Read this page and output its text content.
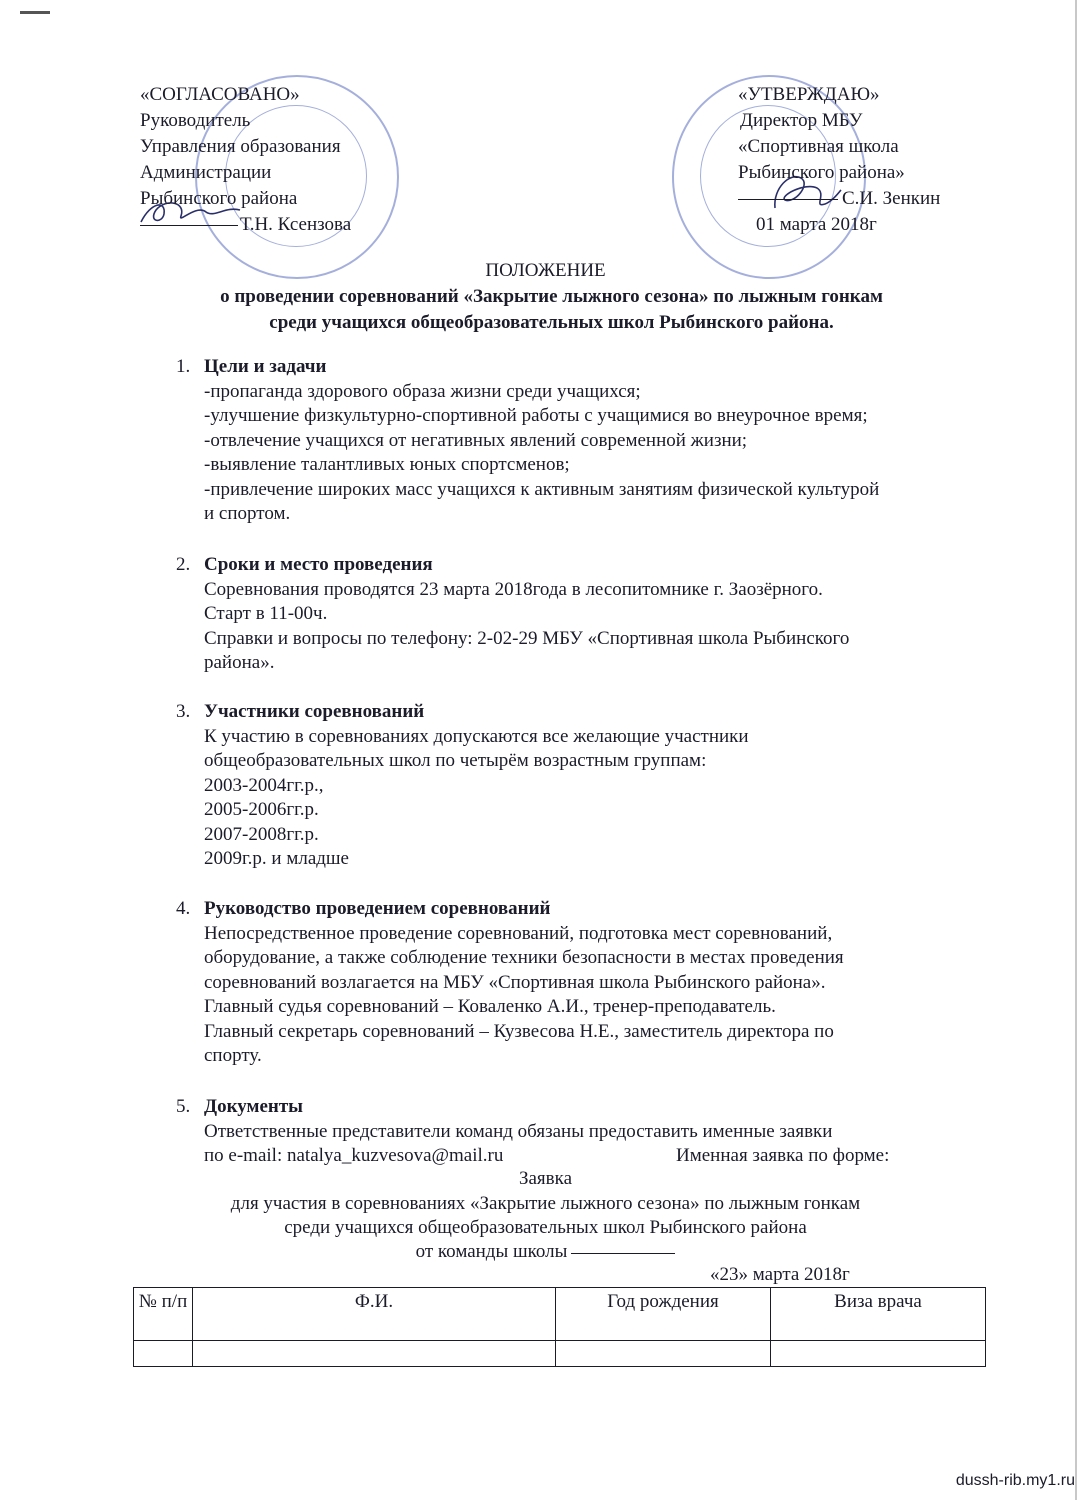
«СОГЛАСОВАНО»
Руководитель
Управления образования
Администрации
Рыбинского района
Т.Н. Ксензова
«УТВЕРЖДАЮ»
Директор МБУ
«Спортивная школа
Рыбинского района»
С.И. Зенкин
01 марта 2018г
ПОЛОЖЕНИЕ
о проведении соревнований «Закрытие лыжного сезона» по лыжным гонкам
среди учащихся общеобразовательных школ Рыбинского района.
1. Цели и задачи
-пропаганда здорового образа жизни среди учащихся;
-улучшение физкультурно-спортивной работы с учащимися во внеурочное время;
-отвлечение учащихся от негативных явлений современной жизни;
-выявление талантливых юных спортсменов;
-привлечение широких масс учащихся к активным занятиям физической культурой
и спортом.
2. Сроки и место проведения
Соревнования проводятся 23 марта 2018года в лесопитомнике г. Заозёрного.
Старт в 11-00ч.
Справки и вопросы по телефону: 2-02-29 МБУ «Спортивная школа Рыбинского
района».
3. Участники соревнований
К участию в соревнованиях допускаются все желающие участники
общеобразовательных школ по четырём возрастным группам:
2003-2004гг.р.,
2005-2006гг.р.
2007-2008гг.р.
2009г.р. и младше
4. Руководство проведением соревнований
Непосредственное проведение соревнований, подготовка мест соревнований,
оборудование, а также соблюдение техники безопасности в местах проведения
соревнований возлагается на МБУ «Спортивная школа Рыбинского района».
Главный судья соревнований – Коваленко А.И., тренер-преподаватель.
Главный секретарь соревнований – Кузвесова Н.Е., заместитель директора по
спорту.
5. Документы
Ответственные представители команд обязаны предоставить именные заявки
по e-mail: natalya_kuzvesova@mail.ru	Именная заявка по форме:
Заявка
для участия в соревнованиях «Закрытие лыжного сезона» по лыжным гонкам
среди учащихся общеобразовательных школ Рыбинского района
от команды школы
«23» марта 2018г
№ п/п	Ф.И.	Год рождения	Виза врача

dussh-rib.my1.ru
